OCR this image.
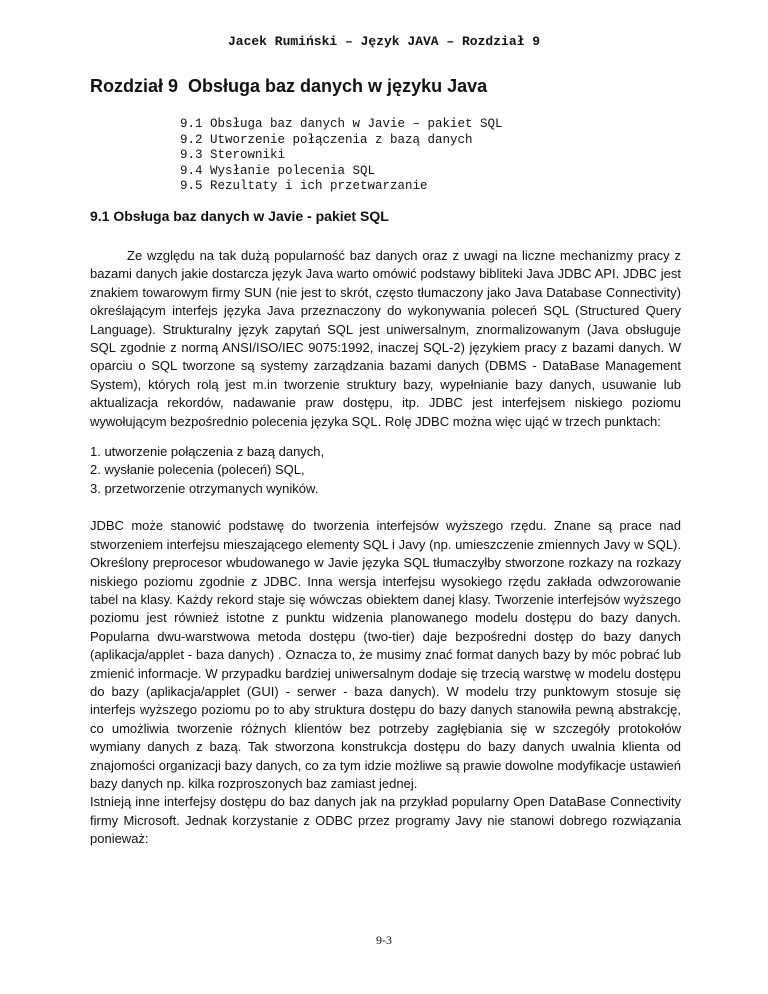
Jacek Rumiński – Język JAVA – Rozdział 9
Rozdział 9  Obsługa baz danych w języku Java
9.1 Obsługa baz danych w Javie – pakiet SQL
9.2 Utworzenie połączenia z bazą danych
9.3 Sterowniki
9.4 Wysłanie polecenia SQL
9.5 Rezultaty i ich przetwarzanie
9.1 Obsługa baz danych w Javie - pakiet SQL

Ze względu na tak dużą popularność baz danych oraz z uwagi na liczne mechanizmy pracy z bazami danych jakie dostarcza język Java warto omówić podstawy bibliteki Java JDBC API. JDBC jest znakiem towarowym firmy SUN (nie jest to skrót, często tłumaczony jako Java Database Connectivity) określającym interfejs języka Java przeznaczony do wykonywania poleceń SQL (Structured Query Language). Strukturalny język zapytań SQL jest uniwersalnym, znormalizowanym (Java obsługuje SQL zgodnie z normą ANSI/ISO/IEC 9075:1992, inaczej SQL-2) językiem pracy z bazami danych. W oparciu o SQL tworzone są systemy zarządzania bazami danych (DBMS - DataBase Management System), których rolą jest m.in tworzenie struktury bazy, wypełnianie bazy danych, usuwanie lub aktualizacja rekordów, nadawanie praw dostępu, itp. JDBC jest interfejsem niskiego poziomu wywołującym bezpośrednio polecenia języka SQL. Rolę JDBC można więc ująć w trzech punktach:

1. utworzenie połączenia z bazą danych,
2. wysłanie polecenia (poleceń) SQL,
3. przetworzenie otrzymanych wyników.

JDBC może stanowić podstawę do tworzenia interfejsów wyższego rzędu. Znane są prace nad stworzeniem interfejsu mieszającego elementy SQL i Javy (np. umieszczenie zmiennych Javy w SQL). Określony preprocesor wbudowanego w Javie języka SQL tłumaczyłby stworzone rozkazy na rozkazy niskiego poziomu zgodnie z JDBC. Inna wersja interfejsu wysokiego rzędu zakłada odwzorowanie tabel na klasy. Każdy rekord staje się wówczas obiektem danej klasy. Tworzenie interfejsów wyższego poziomu jest również istotne z punktu widzenia planowanego modelu dostępu do bazy danych. Popularna dwu-warstwowa metoda dostępu (two-tier) daje bezpośredni dostęp do bazy danych (aplikacja/applet - baza danych) . Oznacza to, że musimy znać format danych bazy by móc pobrać lub zmienić informacje. W przypadku bardziej uniwersalnym dodaje się trzecią warstwę w modelu dostępu do bazy (aplikacja/applet (GUI) - serwer - baza danych). W modelu trzy punktowym stosuje się interfejs wyższego poziomu po to aby struktura dostępu do bazy danych stanowiła pewną abstrakcję, co umożliwia tworzenie różnych klientów bez potrzeby zagłębiania się w szczegóły protokołów wymiany danych z bazą. Tak stworzona konstrukcja dostępu do bazy danych uwalnia klienta od znajomości organizacji bazy danych, co za tym idzie możliwe są prawie dowolne modyfikacje ustawień bazy danych np. kilka rozproszonych baz zamiast jednej.

Istnieją inne interfejsy dostępu do baz danych jak na przykład popularny Open DataBase Connectivity firmy Microsoft. Jednak korzystanie z ODBC przez programy Javy nie stanowi dobrego rozwiązania ponieważ:

9-3
